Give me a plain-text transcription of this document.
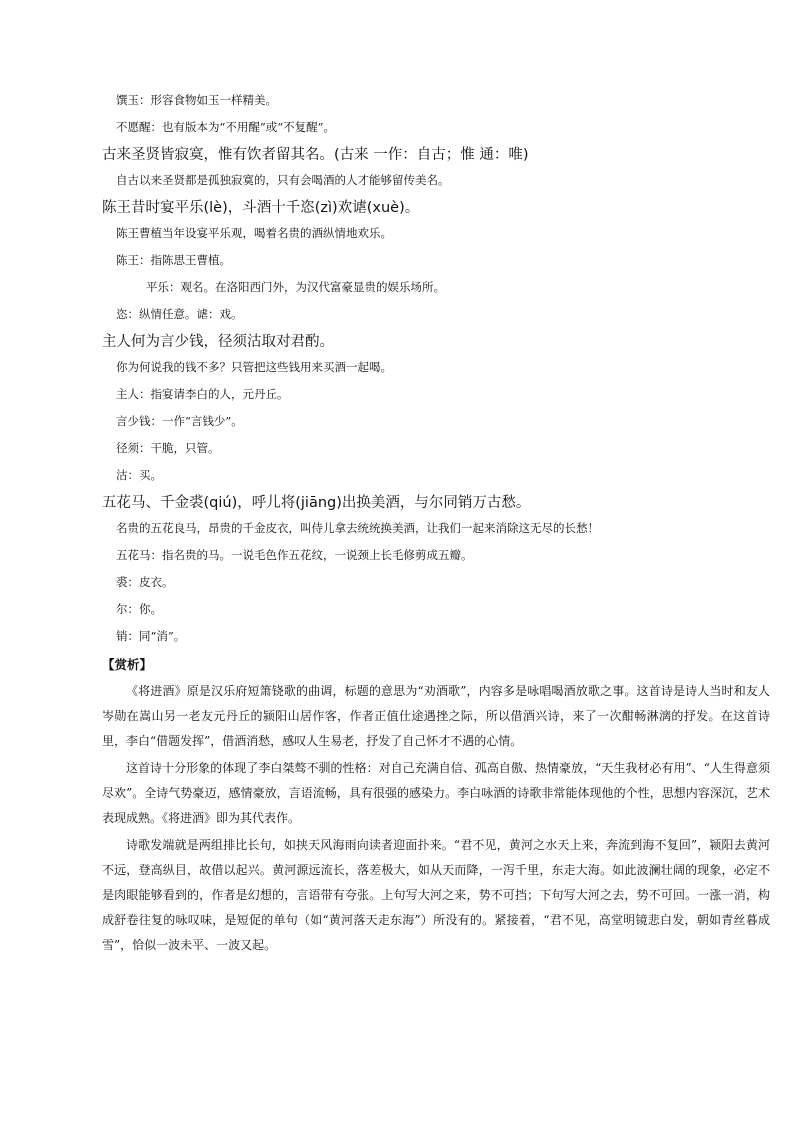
馔玉：形容食物如玉一样精美。
不愿醒：也有版本为“不用醒”或“不复醒”。
古来圣贤皆寂寞，惟有饮者留其名。(古来 一作：自古；惟 通：唯)
自古以来圣贤都是孤独寂寞的，只有会喝酒的人才能够留传美名。
陈王昔时宴平乐(lè)，斗酒十千恣(zì)欢谑(xuè)。
陈王曹植当年设宴平乐观，喝着名贵的酒纵情地欢乐。
陈王：指陈思王曹植。
平乐：观名。在洛阳西门外，为汉代富豪显贵的娱乐场所。
恣：纵情任意。谑：戏。
主人何为言少钱，径须沽取对君酌。
你为何说我的钱不多？只管把这些钱用来买酒一起喝。
主人：指宴请李白的人，元丹丘。
言少钱：一作“言钱少”。
径须：干脆，只管。
沽：买。
五花马、千金裘(qiú)，呼儿将(jiāng)出换美酒，与尔同销万古愁。
名贵的五花良马，昂贵的千金皮衣，叫侍儿拿去统统换美酒，让我们一起来消除这无尽的长愁！
五花马：指名贵的马。一说毛色作五花纹，一说颈上长毛修剪成五瓣。
裘：皮衣。
尔：你。
销：同“消”。
【赏析】

《将进酒》原是汉乐府短箫铙歌的曲调，标题的意思为“劝酒歌”，内容多是咏唱喝酒放歌之事。这首诗是诗人当时和友人岑勋在嵩山另一老友元丹丘的颍阳山居作客，作者正值仕途遇挫之际，所以借酒兴诗，来了一次酣畅淋漓的抒发。在这首诗里，李白“借题发挥”，借酒消愁，感叹人生易老，抒发了自己怀才不遇的心情。

这首诗十分形象的体现了李白桀骜不驯的性格：对自己充满自信、孤高自傲、热情豪放，“天生我材必有用”、“人生得意须尽欢”。全诗气势豪迈，感情豪放，言语流畅，具有很强的感染力。李白咏酒的诗歌非常能体现他的个性，思想内容深沉，艺术表现成熟。《将进酒》即为其代表作。

诗歌发端就是两组排比长句，如挟天风海雨向读者迎面扑来。“君不见，黄河之水天上来，奔流到海不复回”，颍阳去黄河不远，登高纵目，故借以起兴。黄河源远流长，落差极大，如从天而降，一泻千里，东走大海。如此波澜壮阔的现象，必定不是肉眼能够看到的，作者是幻想的，言语带有夸张。上句写大河之来，势不可挡；下句写大河之去，势不可回。一涨一消，构成舒卷往复的咏叹味，是短促的单句（如“黄河落天走东海”）所没有的。紧接着，“君不见，高堂明镜悲白发，朝如青丝暮成雪”，恰似一波未平、一波又起。
